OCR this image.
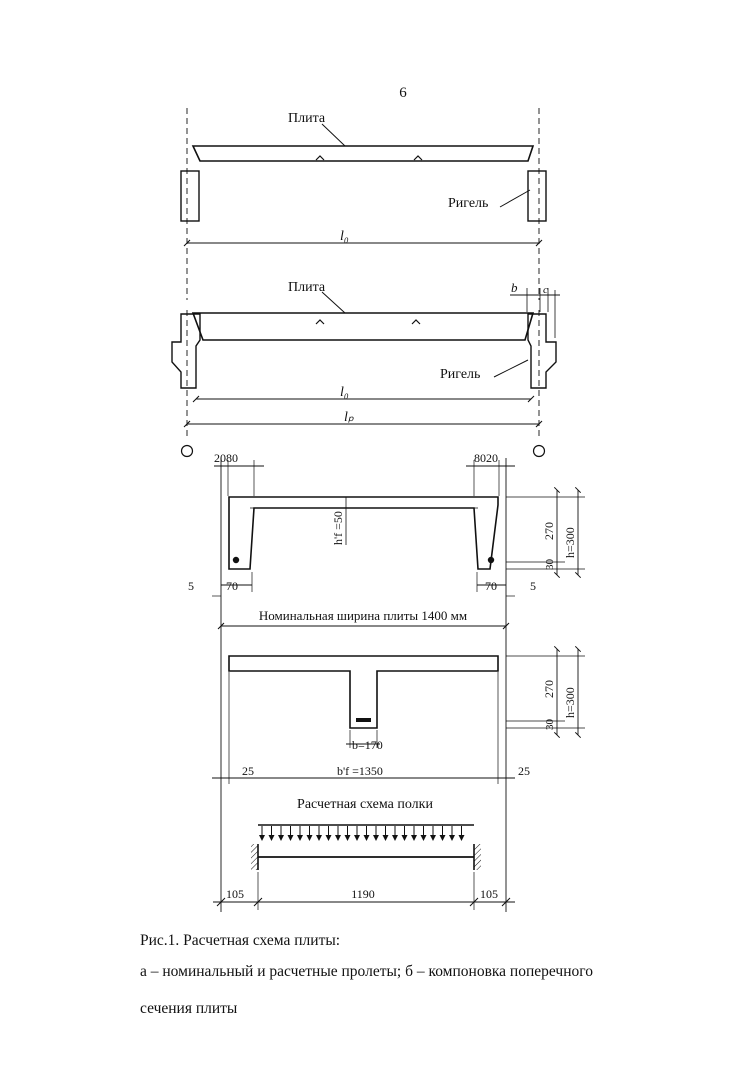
6
Плита
Ригель
l₀
Плита
Ригель
b c
l₀
lₚ
2080	8020
h'f =50	270
30
h=300
70	70
5	5
Номинальная ширина плиты 1400 мм
270
30
h=300
b=170
25	b'f =1350	25
Расчетная схема полки
105	1190	105
Рис.1. Расчетная схема плиты:
а – номинальный и расчетные пролеты; б – компоновка поперечного
сечения плиты
